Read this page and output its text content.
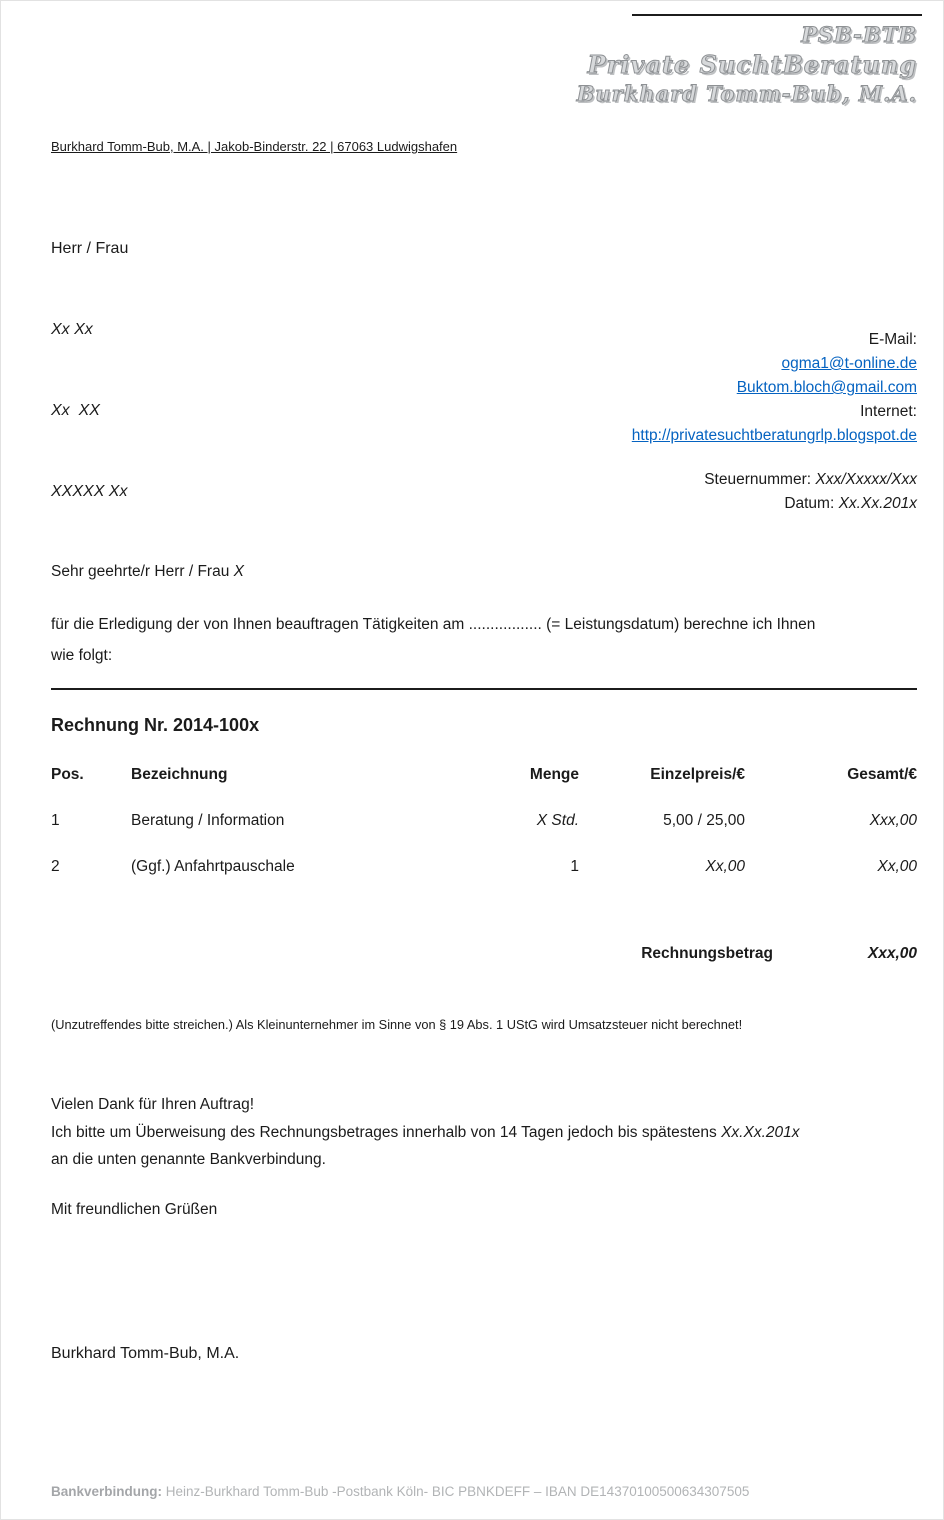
PSB-BTB
Private SuchtBeratung
Burkhard Tomm-Bub, M.A.
Burkhard Tomm-Bub, M.A. | Jakob-Binderstr. 22 | 67063 Ludwigshafen

Herr / Frau

Xx Xx

Xx  XX

XXXXX Xx

E-Mail:
ogma1@t-online.de
Buktom.bloch@gmail.com
Internet:
http://privatesuchtberatungrlp.blogspot.de
Steuernummer: Xxx/Xxxxx/Xxx
Datum: Xx.Xx.201x
Sehr geehrte/r Herr / Frau X
für die Erledigung der von Ihnen beauftragen Tätigkeiten am ................. (= Leistungsdatum) berechne ich Ihnen
wie folgt:
Rechnung Nr. 2014-100x
Pos.	Bezeichnung	Menge	Einzelpreis/€	Gesamt/€
1	Beratung / Information	X Std.	5,00 / 25,00	Xxx,00
2	(Ggf.) Anfahrtpauschale	1	Xx,00	Xx,00
Rechnungsbetrag	Xxx,00
(Unzutreffendes bitte streichen.) Als Kleinunternehmer im Sinne von § 19 Abs. 1 UStG wird Umsatzsteuer nicht berechnet!
Vielen Dank für Ihren Auftrag!
Ich bitte um Überweisung des Rechnungsbetrages innerhalb von 14 Tagen jedoch bis spätestens Xx.Xx.201x
an die unten genannte Bankverbindung.
Mit freundlichen Grüßen
Burkhard Tomm-Bub, M.A.
Bankverbindung: Heinz-Burkhard Tomm-Bub -Postbank Köln- BIC PBNKDEFF – IBAN DE14370100500634307505
